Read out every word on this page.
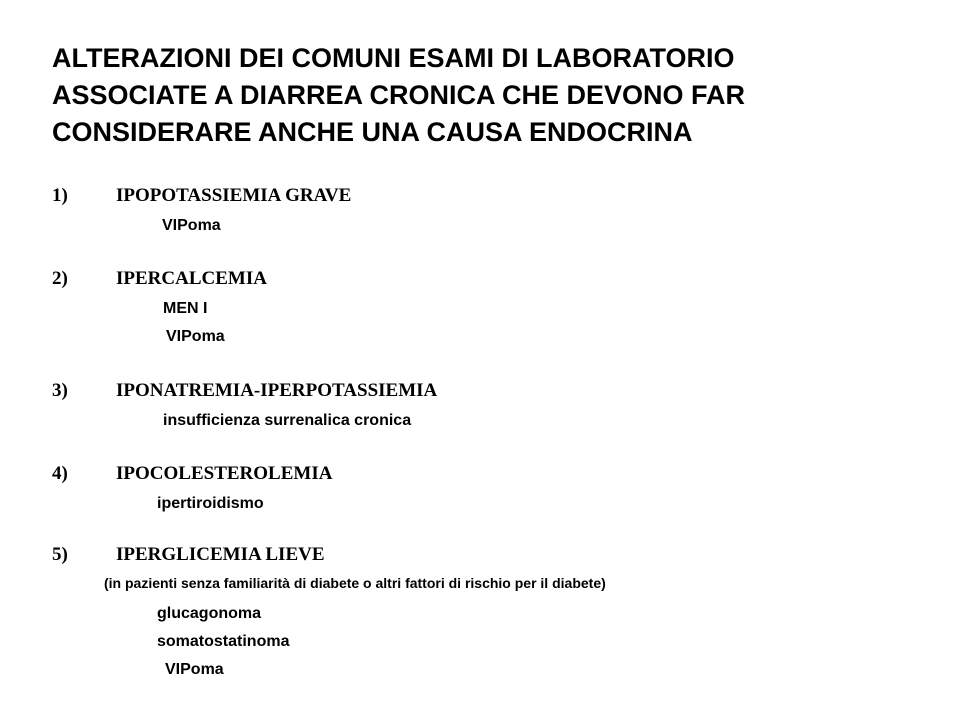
ALTERAZIONI DEI COMUNI ESAMI DI LABORATORIO
ASSOCIATE A DIARREA CRONICA CHE DEVONO FAR
CONSIDERARE ANCHE UNA CAUSA ENDOCRINA
1)	IPOPOTASSIEMIA GRAVE
VIPoma
2)	IPERCALCEMIA
MEN I
VIPoma
3)	IPONATREMIA-IPERPOTASSIEMIA
insufficienza surrenalica cronica
4)	IPOCOLESTEROLEMIA
ipertiroidismo
5)	IPERGLICEMIA LIEVE
(in pazienti senza familiarità di diabete o altri fattori di rischio per il diabete)
glucagonoma
somatostatinoma
VIPoma
